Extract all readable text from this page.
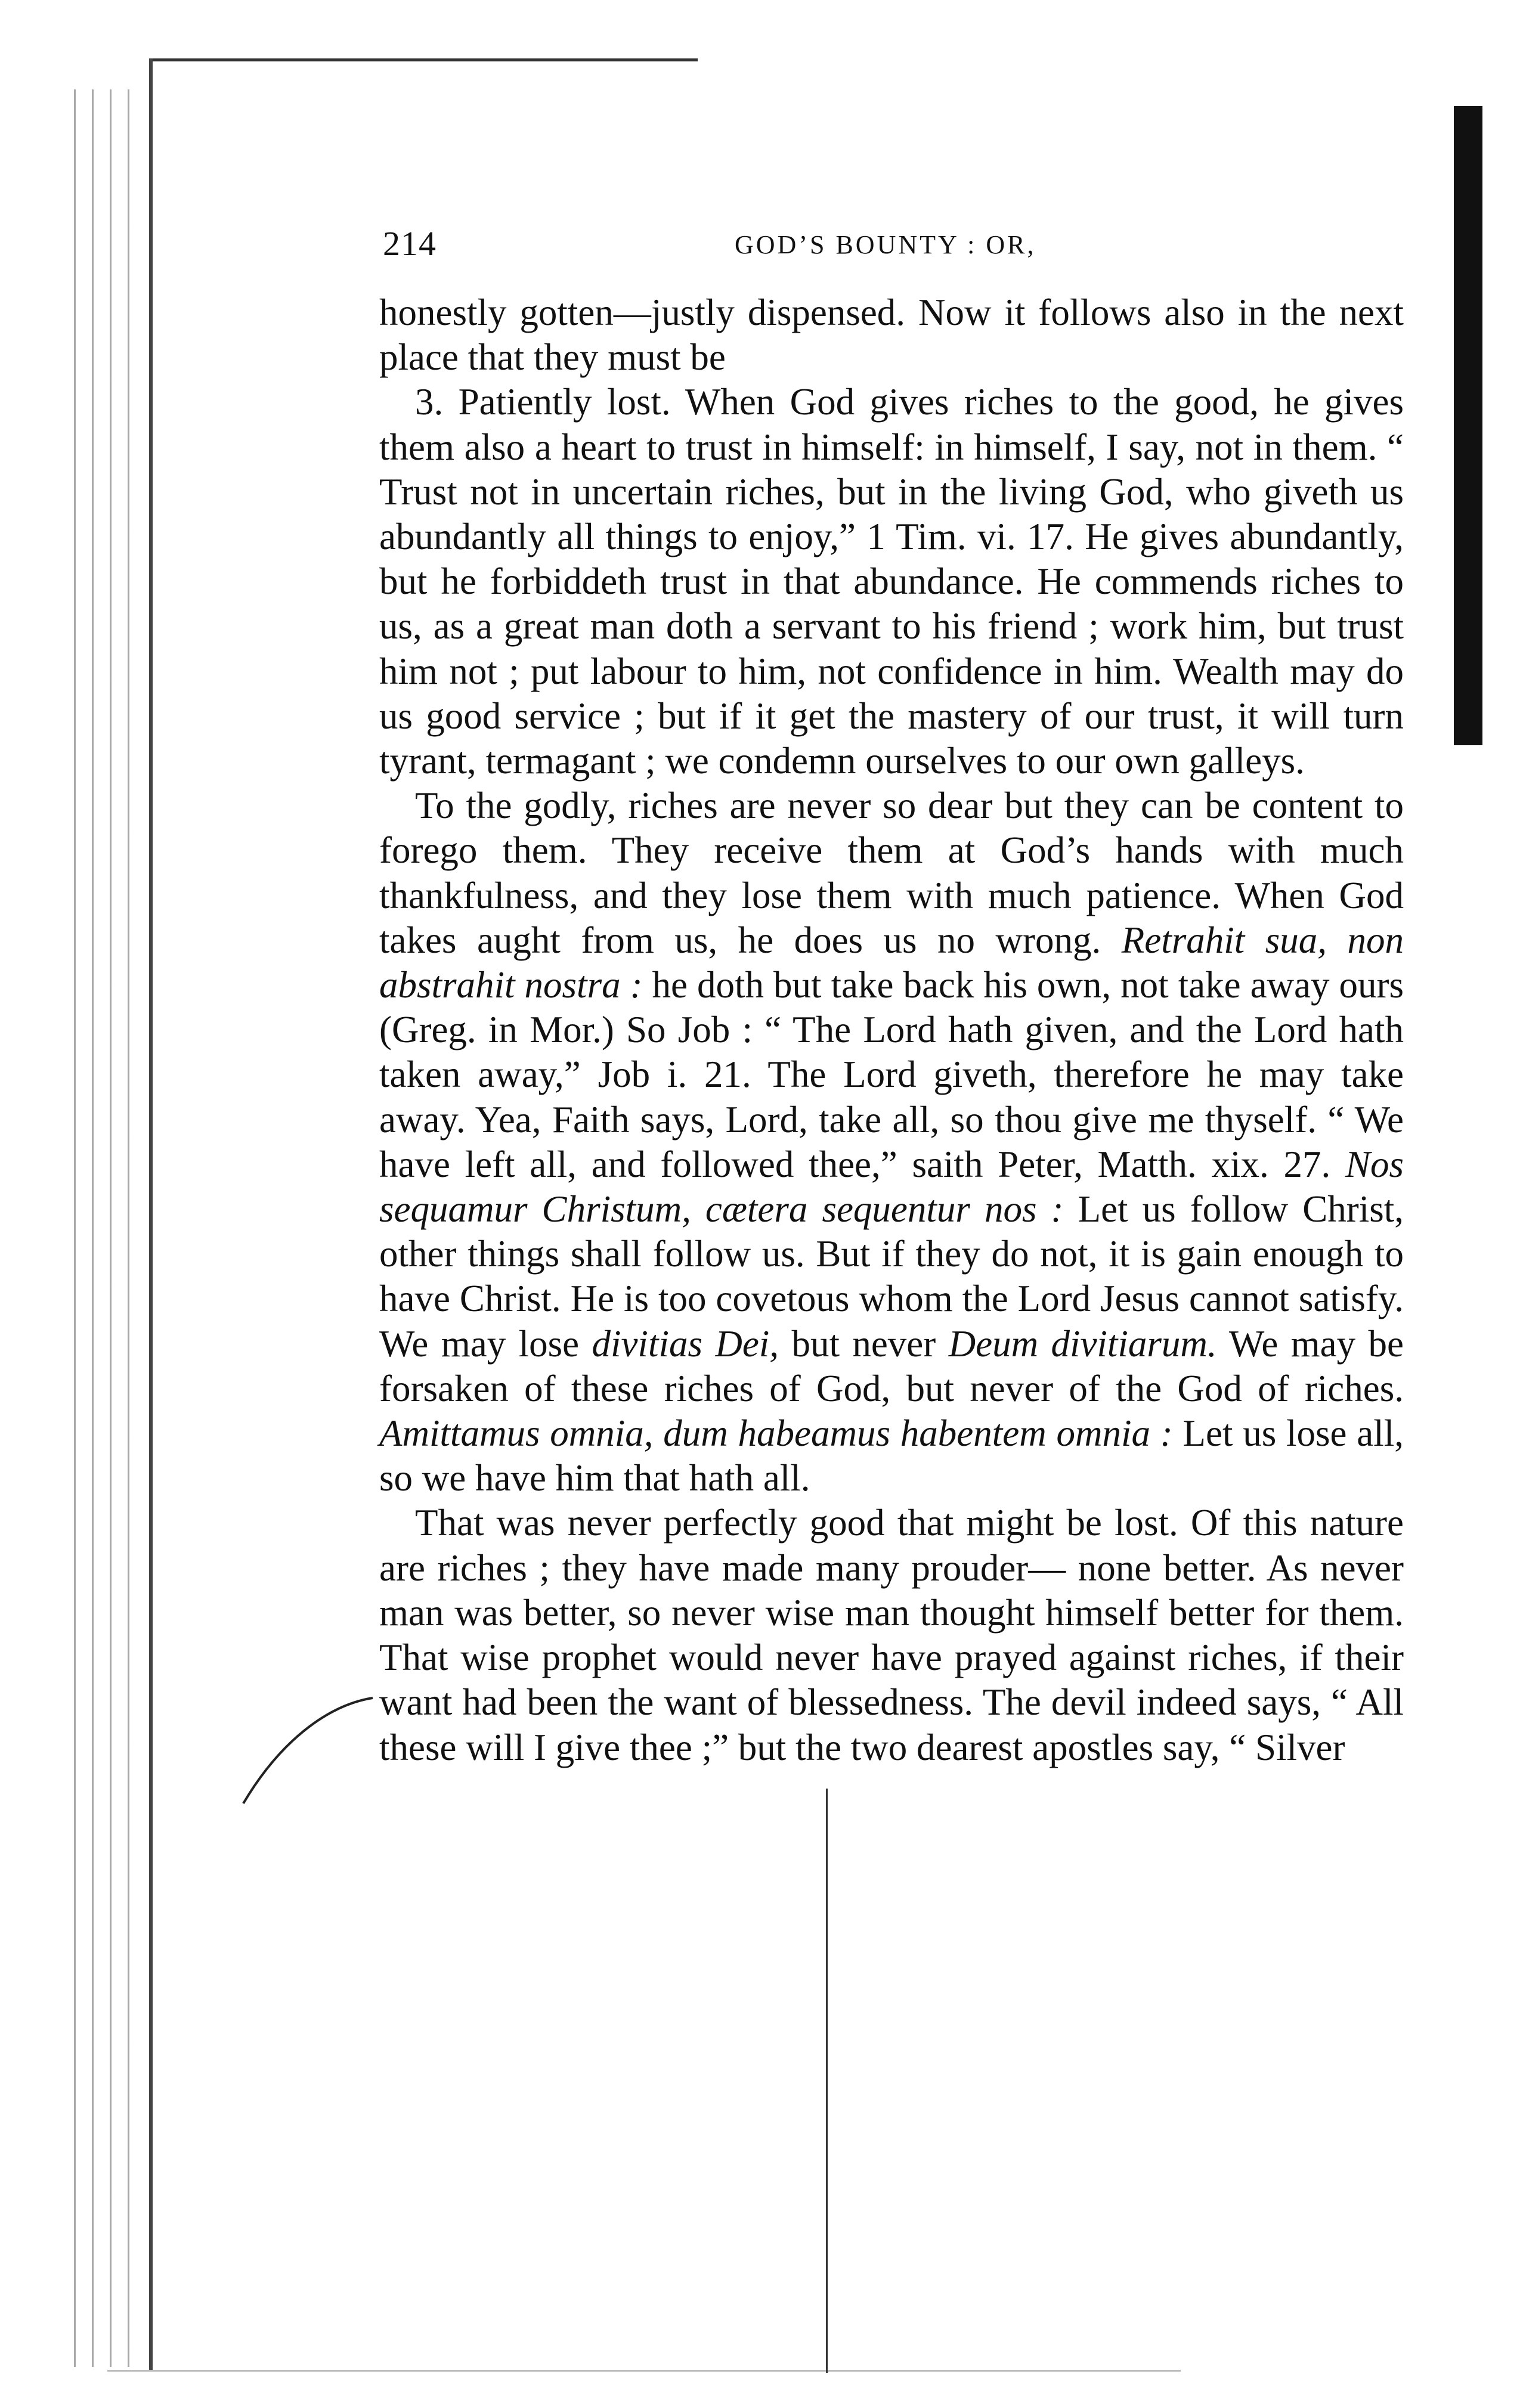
214	GOD’S BOUNTY : OR,

honestly gotten—justly dispensed. Now it follows also in the next place that they must be

3. Patiently lost. When God gives riches to the good, he gives them also a heart to trust in himself: in himself, I say, not in them. “ Trust not in uncertain riches, but in the living God, who giveth us abundantly all things to enjoy,” 1 Tim. vi. 17. He gives abundantly, but he forbiddeth trust in that abundance. He commends riches to us, as a great man doth a servant to his friend ; work him, but trust him not ; put labour to him, not confidence in him. Wealth may do us good service ; but if it get the mastery of our trust, it will turn tyrant, termagant ; we condemn ourselves to our own galleys.

To the godly, riches are never so dear but they can be content to forego them. They receive them at God’s hands with much thankfulness, and they lose them with much patience. When God takes aught from us, he does us no wrong. Retrahit sua, non abstrahit nostra : he doth but take back his own, not take away ours (Greg. in Mor.) So Job : “ The Lord hath given, and the Lord hath taken away,” Job i. 21. The Lord giveth, therefore he may take away. Yea, Faith says, Lord, take all, so thou give me thyself. “ We have left all, and followed thee,” saith Peter, Matth. xix. 27. Nos sequamur Christum, cætera sequentur nos : Let us follow Christ, other things shall follow us. But if they do not, it is gain enough to have Christ. He is too covetous whom the Lord Jesus cannot satisfy. We may lose divitias Dei, but never Deum divitiarum. We may be forsaken of these riches of God, but never of the God of riches. Amittamus omnia, dum habeamus habentem omnia : Let us lose all, so we have him that hath all.

That was never perfectly good that might be lost. Of this nature are riches ; they have made many prouder— none better. As never man was better, so never wise man thought himself better for them. That wise prophet would never have prayed against riches, if their want had been the want of blessedness. The devil indeed says, “ All these will I give thee ;” but the two dearest apostles say, “ Silver
